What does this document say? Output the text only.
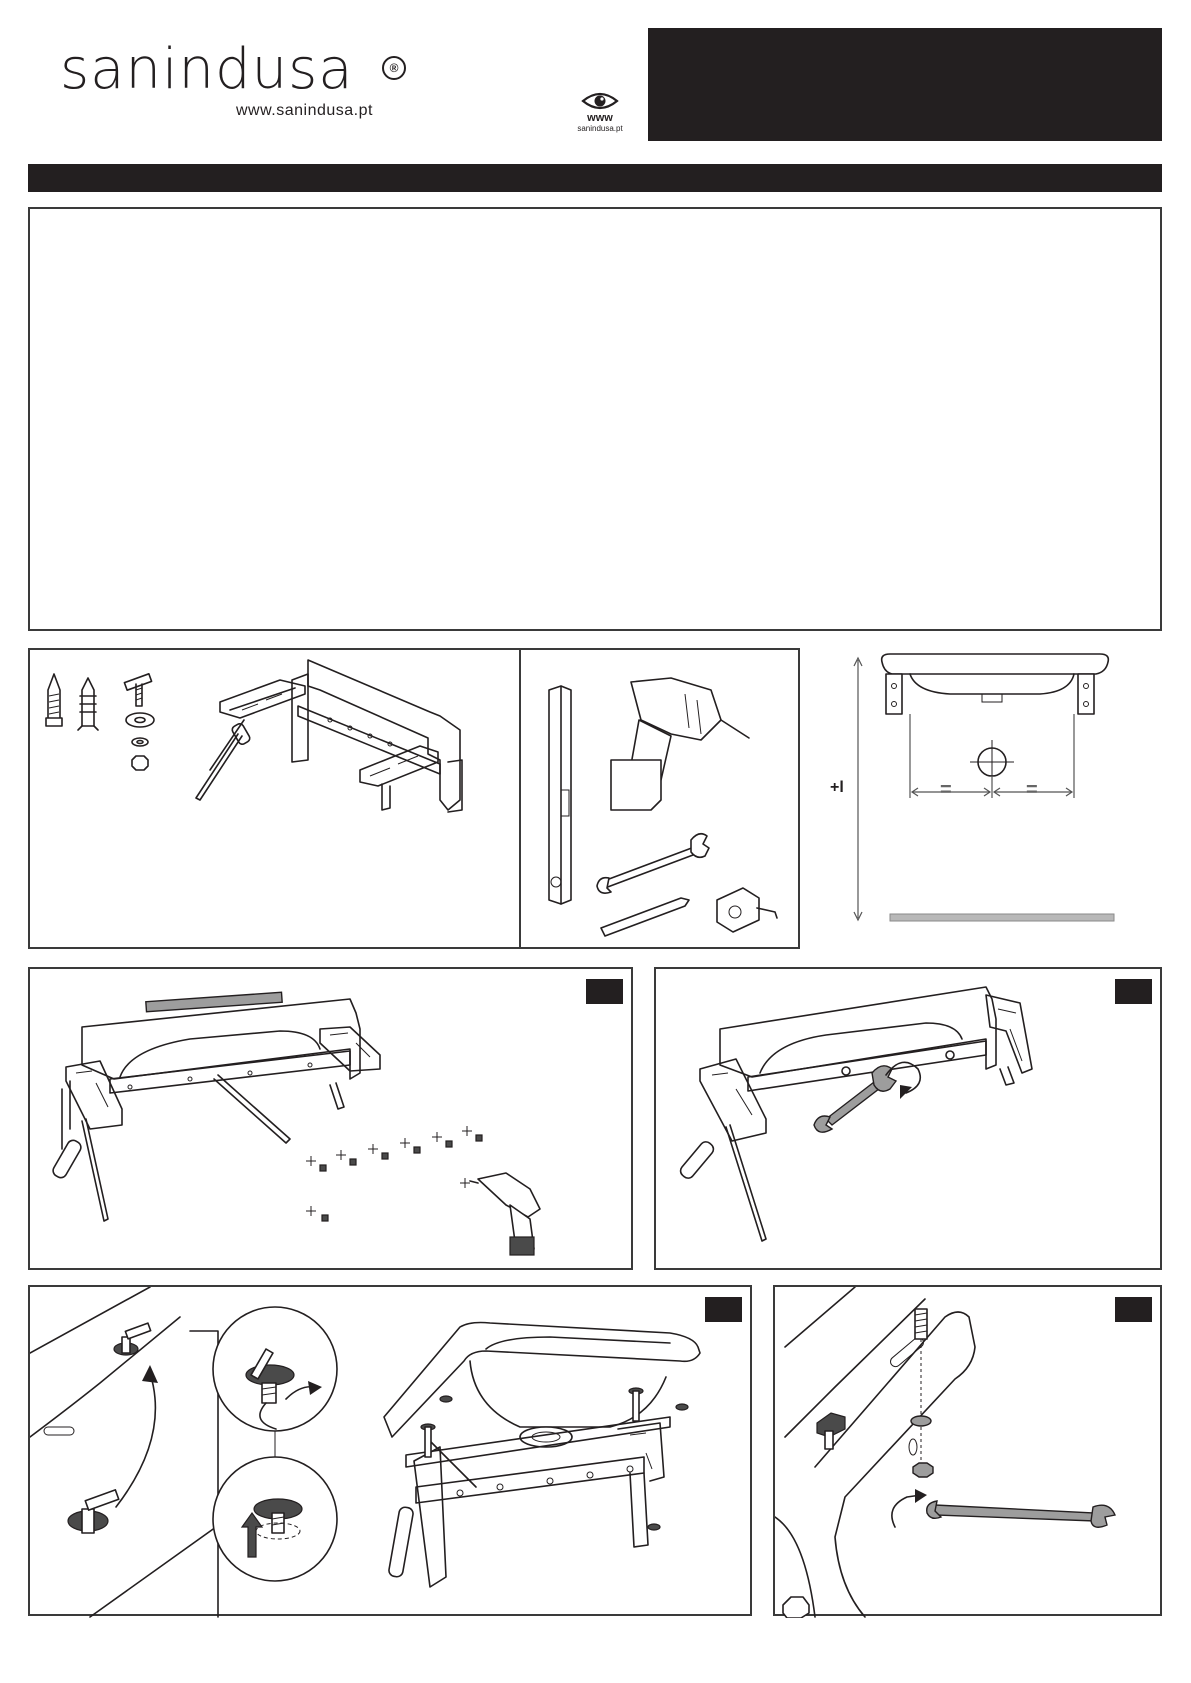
sanindusa	®
www.sanindusa.pt	www
sanindusa.pt
+l	=	=
